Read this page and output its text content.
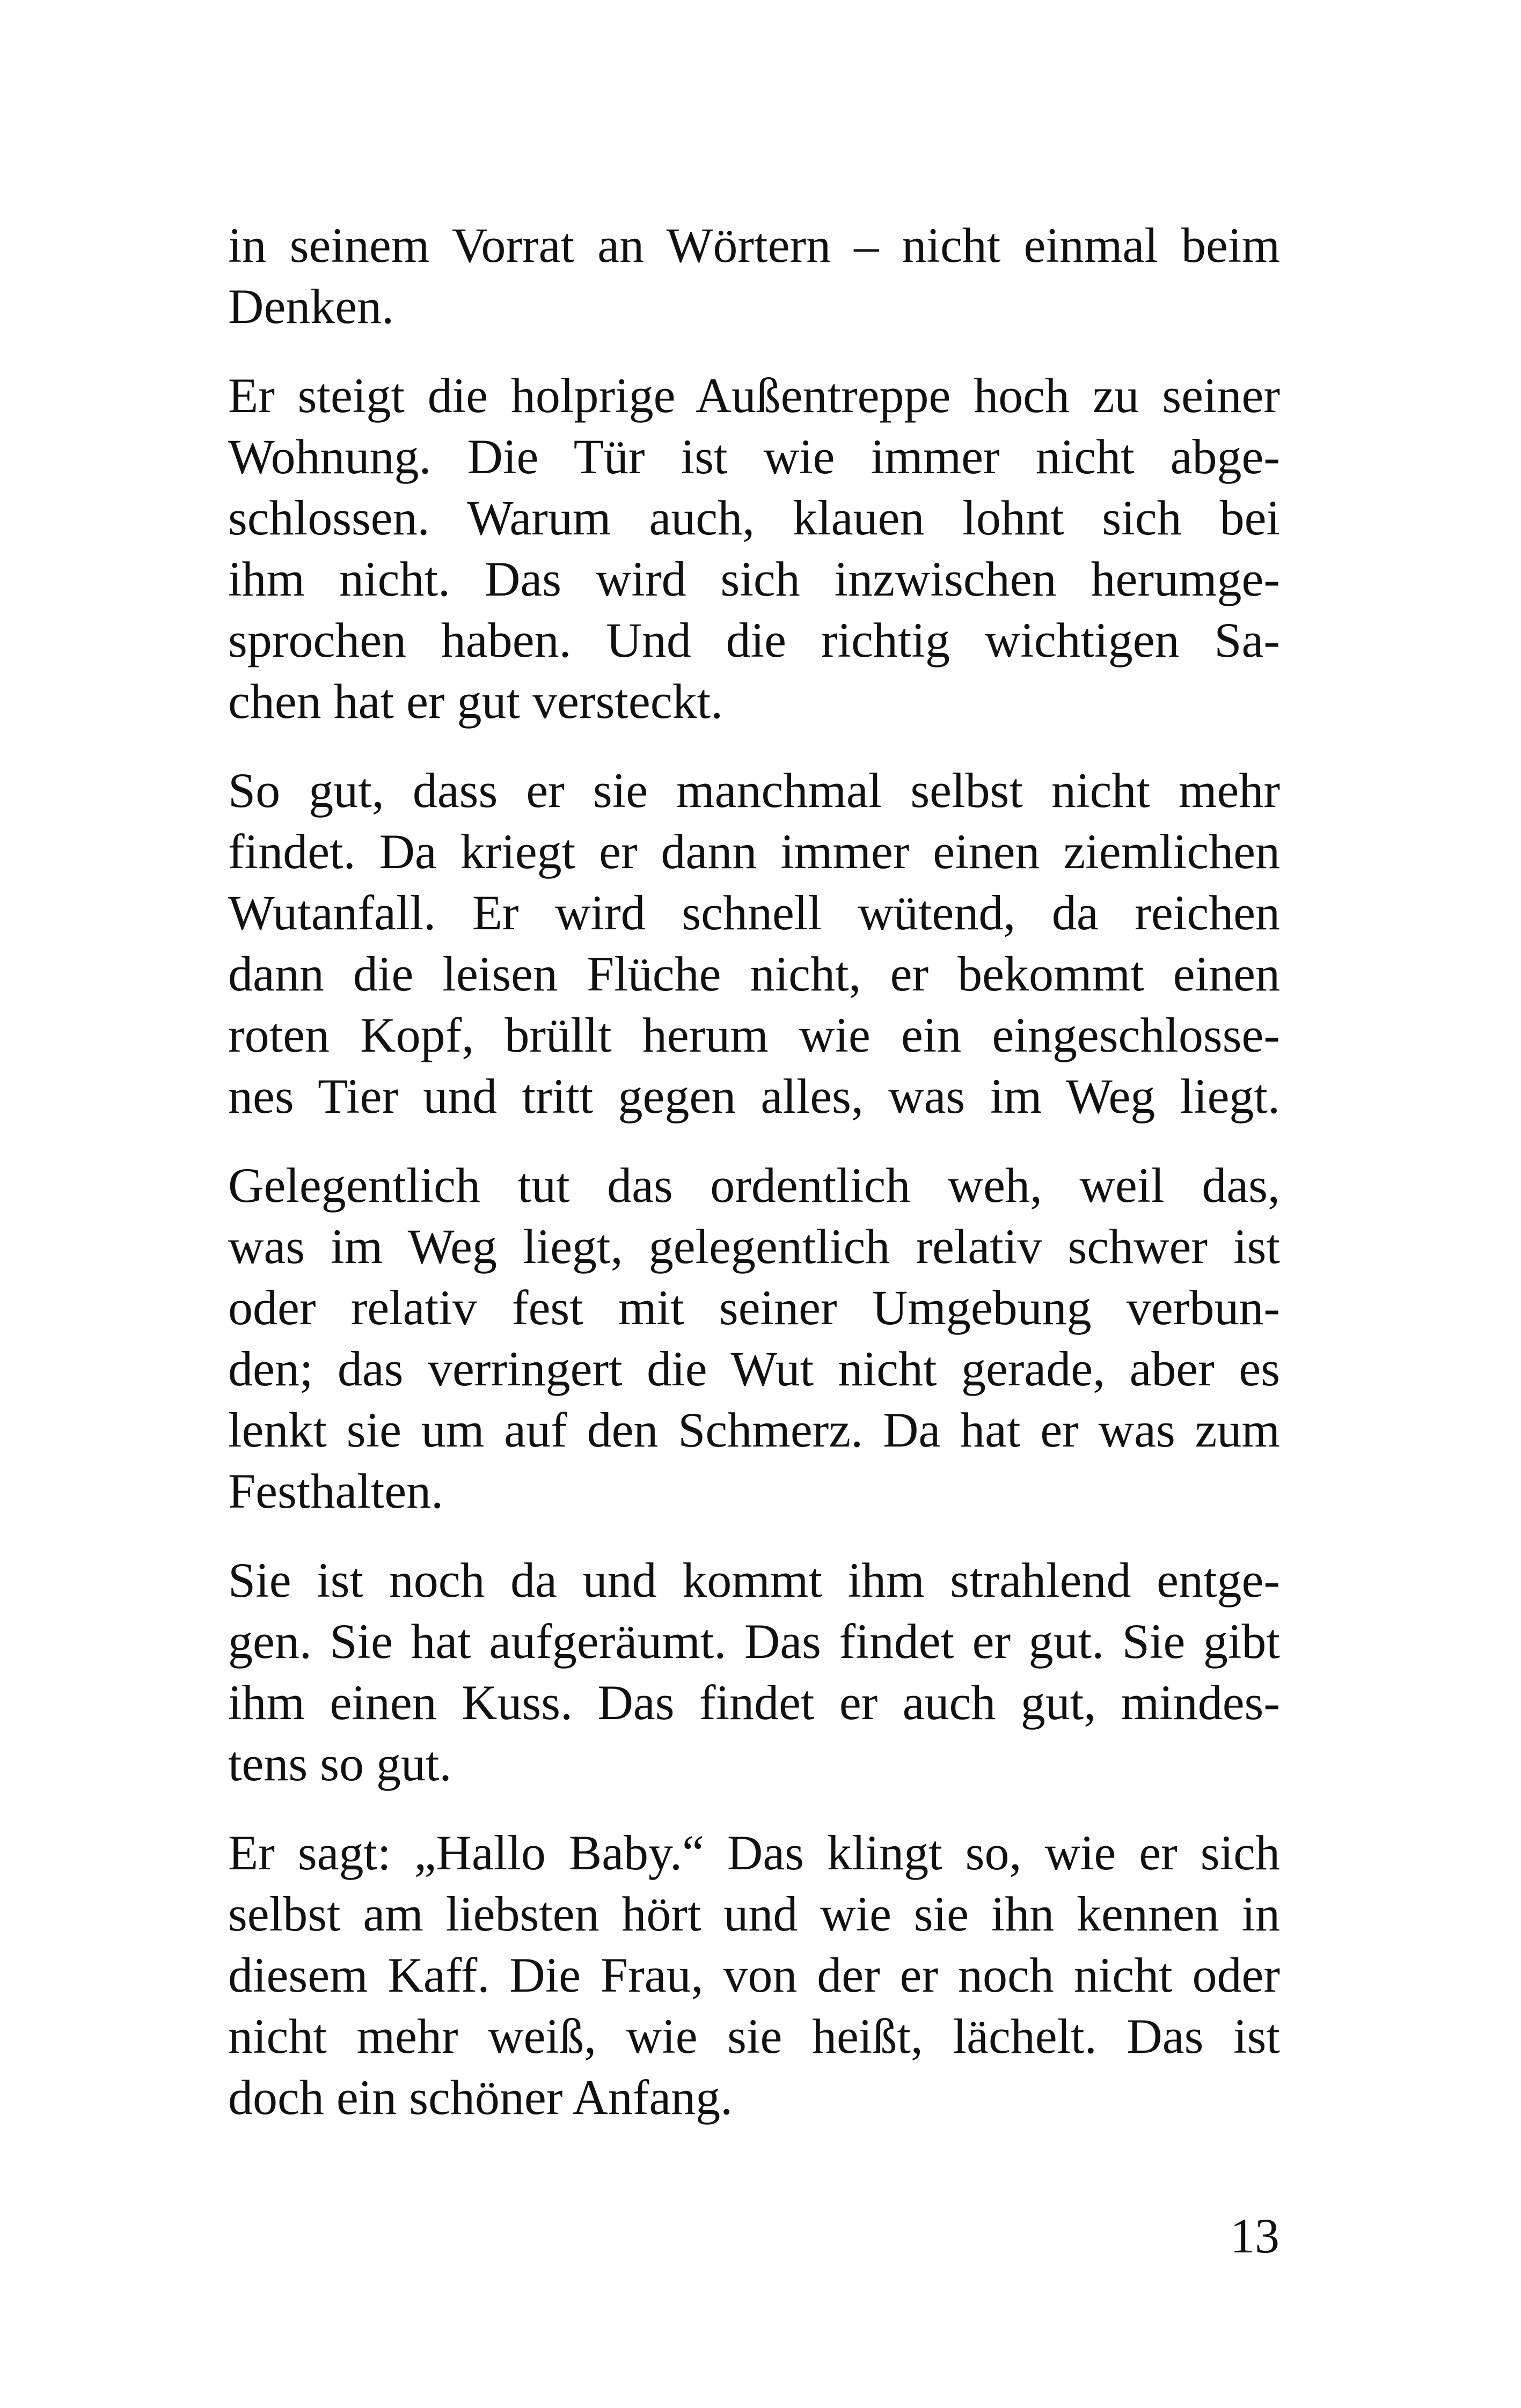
in seinem Vorrat an Wörtern – nicht einmal beim
Denken.
Er steigt die holprige Außentreppe hoch zu seiner
Wohnung. Die Tür ist wie immer nicht abge-
schlossen. Warum auch, klauen lohnt sich bei
ihm nicht. Das wird sich inzwischen herumge-
sprochen haben. Und die richtig wichtigen Sa-
chen hat er gut versteckt.
So gut, dass er sie manchmal selbst nicht mehr
findet. Da kriegt er dann immer einen ziemlichen
Wutanfall. Er wird schnell wütend, da reichen
dann die leisen Flüche nicht, er bekommt einen
roten Kopf, brüllt herum wie ein eingeschlosse-
nes Tier und tritt gegen alles, was im Weg liegt.
Gelegentlich tut das ordentlich weh, weil das,
was im Weg liegt, gelegentlich relativ schwer ist
oder relativ fest mit seiner Umgebung verbun-
den; das verringert die Wut nicht gerade, aber es
lenkt sie um auf den Schmerz. Da hat er was zum
Festhalten.
Sie ist noch da und kommt ihm strahlend entge-
gen. Sie hat aufgeräumt. Das findet er gut. Sie gibt
ihm einen Kuss. Das findet er auch gut, mindes-
tens so gut.
Er sagt: „Hallo Baby.“ Das klingt so, wie er sich
selbst am liebsten hört und wie sie ihn kennen in
diesem Kaff. Die Frau, von der er noch nicht oder
nicht mehr weiß, wie sie heißt, lächelt. Das ist
doch ein schöner Anfang.
13
